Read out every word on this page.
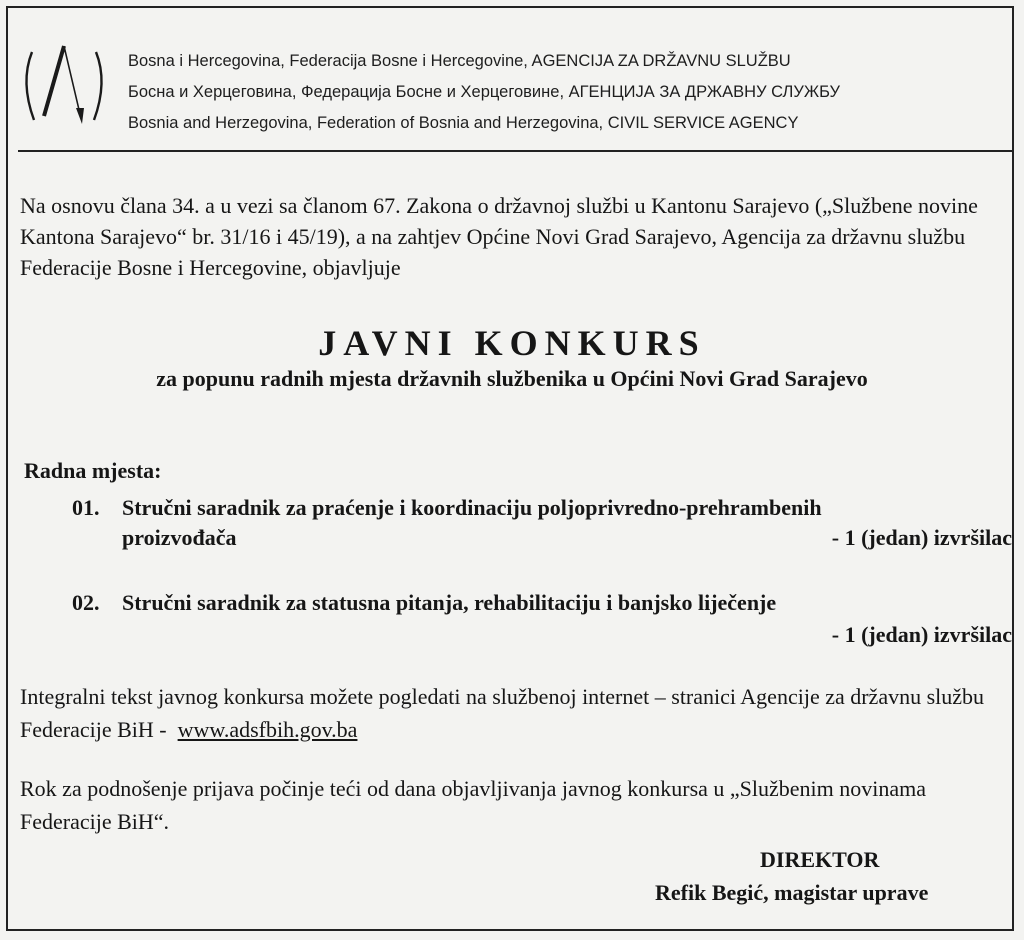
Bosna i Hercegovina, Federacija Bosne i Hercegovine, AGENCIJA ZA DRŽAVNU SLUŽBU
Босна и Херцеговина, Федерација Босне и Херцеговине, АГЕНЦИЈА ЗА ДРЖАВНУ СЛУЖБУ
Bosnia and Herzegovina, Federation of Bosnia and Herzegovina, CIVIL SERVICE AGENCY
Na osnovu člana 34. a u vezi sa članom 67. Zakona o državnoj službi u Kantonu Sarajevo („Službene novine Kantona Sarajevo“ br. 31/16 i 45/19), a na zahtjev Općine Novi Grad Sarajevo, Agencija za državnu službu Federacije Bosne i Hercegovine, objavljuje
JAVNI KONKURS
za popunu radnih mjesta državnih službenika u Općini Novi Grad Sarajevo
Radna mjesta:
01. Stručni saradnik za praćenje i koordinaciju poljoprivredno-prehrambenih
proizvođača	- 1 (jedan) izvršilac
02. Stručni saradnik za statusna pitanja, rehabilitaciju i banjsko liječenje
- 1 (jedan) izvršilac
Integralni tekst javnog konkursa možete pogledati na službenoj internet – stranici Agencije za državnu službu Federacije BiH - www.adsfbih.gov.ba
Rok za podnošenje prijava počinje teći od dana objavljivanja javnog konkursa u „Službenim novinama Federacije BiH“.
DIREKTOR
Refik Begić, magistar uprave
